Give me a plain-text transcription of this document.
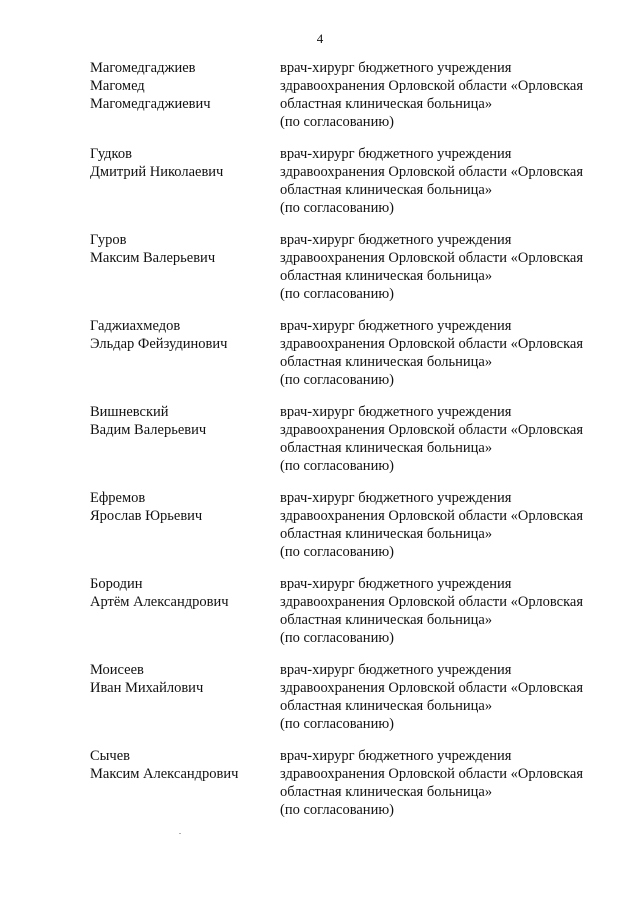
4
Магомедгаджиев
Магомед
Магомедгаджиевич
врач-хирург бюджетного учреждения
здравоохранения Орловской области «Орловская
областная клиническая больница»
(по согласованию)
Гудков
Дмитрий Николаевич
врач-хирург бюджетного учреждения
здравоохранения Орловской области «Орловская
областная клиническая больница»
(по согласованию)
Гуров
Максим Валерьевич
врач-хирург бюджетного учреждения
здравоохранения Орловской области «Орловская
областная клиническая больница»
(по согласованию)
Гаджиахмедов
Эльдар Фейзудинович
врач-хирург бюджетного учреждения
здравоохранения Орловской области «Орловская
областная клиническая больница»
(по согласованию)
Вишневский
Вадим Валерьевич
врач-хирург бюджетного учреждения
здравоохранения Орловской области «Орловская
областная клиническая больница»
(по согласованию)
Ефремов
Ярослав Юрьевич
врач-хирург бюджетного учреждения
здравоохранения Орловской области «Орловская
областная клиническая больница»
(по согласованию)
Бородин
Артём Александрович
врач-хирург бюджетного учреждения
здравоохранения Орловской области «Орловская
областная клиническая больница»
(по согласованию)
Моисеев
Иван Михайлович
врач-хирург бюджетного учреждения
здравоохранения Орловской области «Орловская
областная клиническая больница»
(по согласованию)
Сычев
Максим Александрович
врач-хирург бюджетного учреждения
здравоохранения Орловской области «Орловская
областная клиническая больница»
(по согласованию)
